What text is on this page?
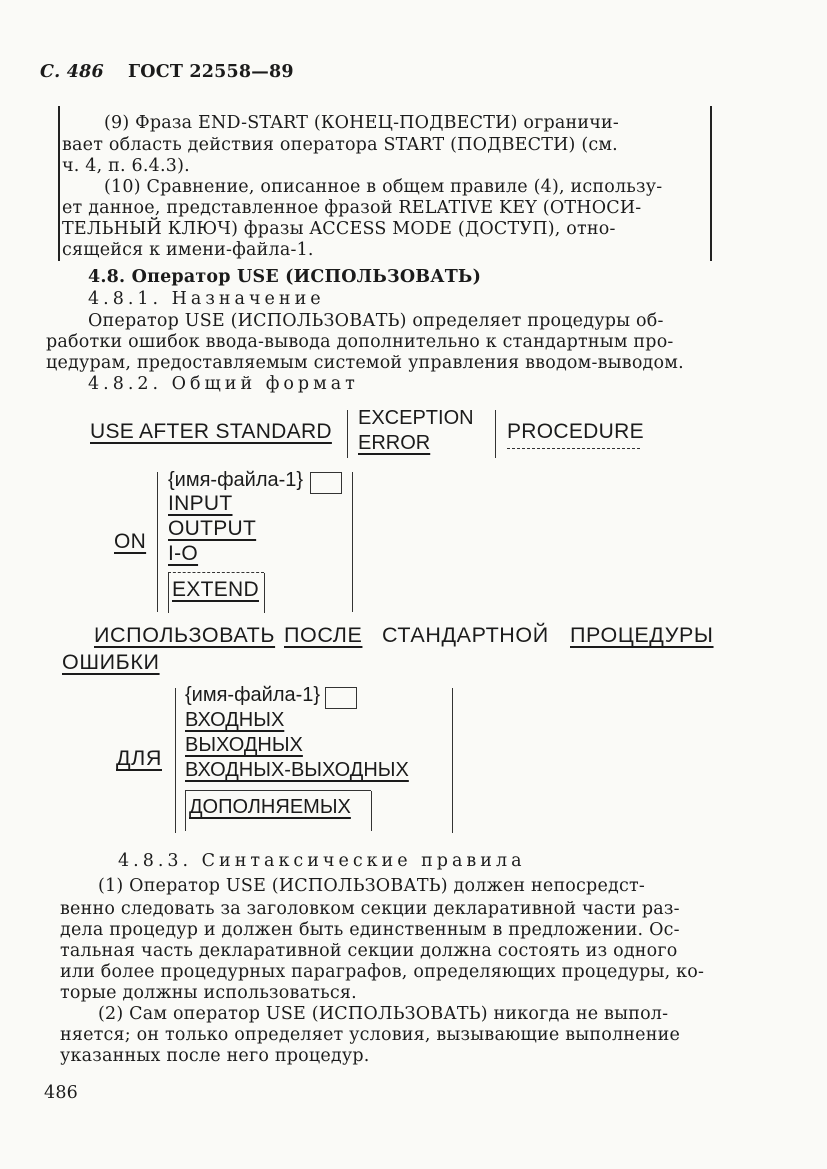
С. 486 ГОСТ 22558—89
(9) Фраза END-START (КОНЕЦ-ПОДВЕСТИ) ограничи-
вает область действия оператора START (ПОДВЕСТИ) (см.
ч. 4, п. 6.4.3).
(10) Сравнение, описанное в общем правиле (4), использу-
ет данное, представленное фразой RELATIVE KEY (ОТНОСИ-
ТЕЛЬНЫЙ КЛЮЧ) фразы ACCESS MODE (ДОСТУП), отно-
сящейся к имени-файла-1.
4.8. Оператор USE (ИСПОЛЬЗОВАТЬ)
4.8.1. Назначение
Оператор USE (ИСПОЛЬЗОВАТЬ) определяет процедуры об-
работки ошибок ввода-вывода дополнительно к стандартным про-
цедурам, предоставляемым системой управления вводом-выводом.
4.8.2. Общий формат
USE AFTER STANDARD
EXCEPTION
ERROR	PROCEDURE
ON
{имя-файла-1}
INPUT
OUTPUT
I-O
EXTEND
ИСПОЛЬЗОВАТЬ ПОСЛЕ СТАНДАРТНОЙ ПРОЦЕДУРЫ
ОШИБКИ
ДЛЯ
{имя-файла-1}
ВХОДНЫХ
ВЫХОДНЫХ
ВХОДНЫХ-ВЫХОДНЫХ
ДОПОЛНЯЕМЫХ
4.8.3. Синтаксические правила
(1) Оператор USE (ИСПОЛЬЗОВАТЬ) должен непосредст-
венно следовать за заголовком секции декларативной части раз-
дела процедур и должен быть единственным в предложении. Ос-
тальная часть декларативной секции должна состоять из одного
или более процедурных параграфов, определяющих процедуры, ко-
торые должны использоваться.
(2) Сам оператор USE (ИСПОЛЬЗОВАТЬ) никогда не выпол-
няется; он только определяет условия, вызывающие выполнение
указанных после него процедур.
486
